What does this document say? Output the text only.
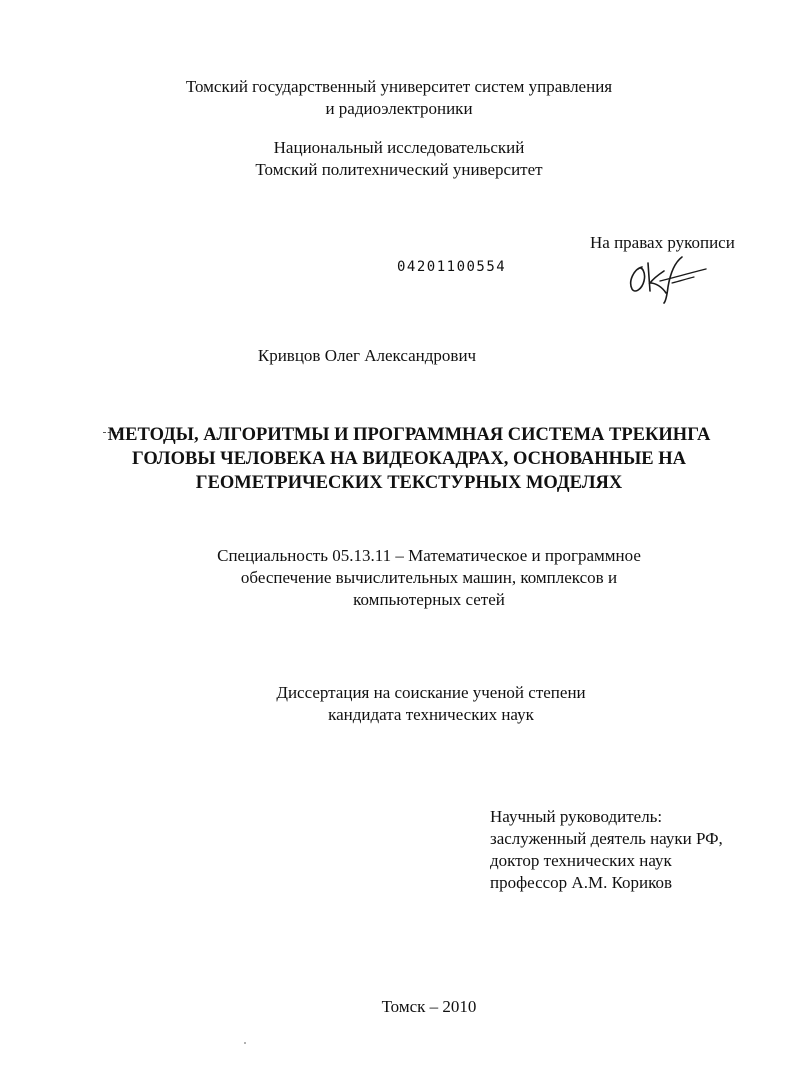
Томский государственный университет систем управления
и радиоэлектроники
Национальный исследовательский
Томский политехнический университет
На правах рукописи
04201100554
Кривцов Олег Александрович
МЕТОДЫ, АЛГОРИТМЫ И ПРОГРАММНАЯ СИСТЕМА ТРЕКИНГА
ГОЛОВЫ ЧЕЛОВЕКА НА ВИДЕОКАДРАХ, ОСНОВАННЫЕ НА
ГЕОМЕТРИЧЕСКИХ ТЕКСТУРНЫХ МОДЕЛЯХ
Специальность 05.13.11 – Математическое и программное
обеспечение вычислительных машин, комплексов и
компьютерных сетей
Диссертация на соискание ученой степени
кандидата технических наук
Научный руководитель:
заслуженный деятель науки РФ,
доктор технических наук
профессор А.М. Кориков
Томск – 2010
